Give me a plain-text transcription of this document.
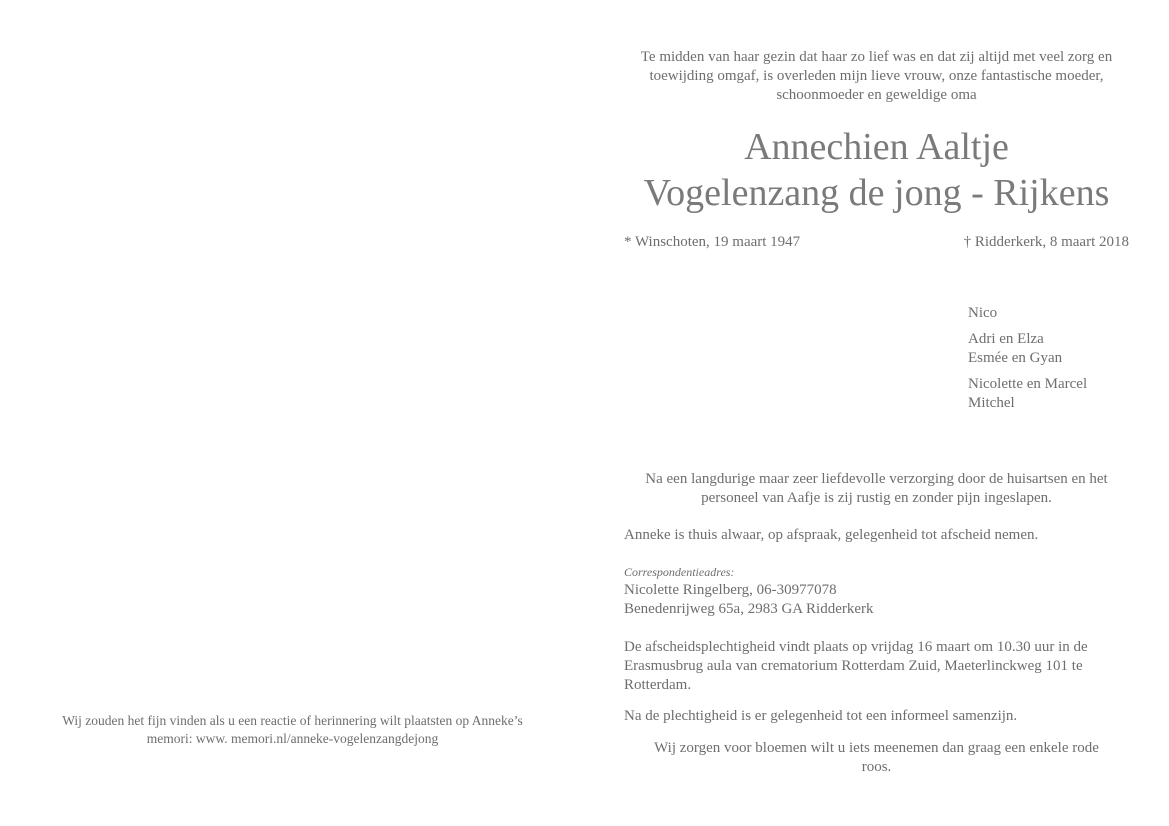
Wij zouden het fijn vinden als u een reactie of herinnering wilt plaatsten op Anneke’s memori: www. memori.nl/anneke-vogelenzangdejong
Te midden van haar gezin dat haar zo lief was en dat zij altijd met veel zorg en toewijding omgaf, is overleden mijn lieve vrouw, onze fantastische moeder, schoonmoeder en geweldige oma
Annechien Aaltje
Vogelenzang de jong - Rijkens
* Winschoten, 19 maart 1947	† Ridderkerk, 8 maart 2018
Nico
Adri en Elza
Esmée en Gyan
Nicolette en Marcel
Mitchel
Na een langdurige maar zeer liefdevolle verzorging door de huisartsen en het personeel van Aafje is zij rustig en zonder pijn ingeslapen.
Anneke is thuis alwaar, op afspraak, gelegenheid tot afscheid nemen.
Correspondentieadres:
Nicolette Ringelberg, 06-30977078
Benedenrijweg 65a, 2983 GA Ridderkerk
De afscheidsplechtigheid vindt plaats op vrijdag 16 maart om 10.30 uur in de Erasmusbrug aula van crematorium Rotterdam Zuid, Maeterlinckweg 101 te Rotterdam.
Na de plechtigheid is er gelegenheid tot een informeel samenzijn.
Wij zorgen voor bloemen wilt u iets meenemen dan graag een enkele rode roos.
